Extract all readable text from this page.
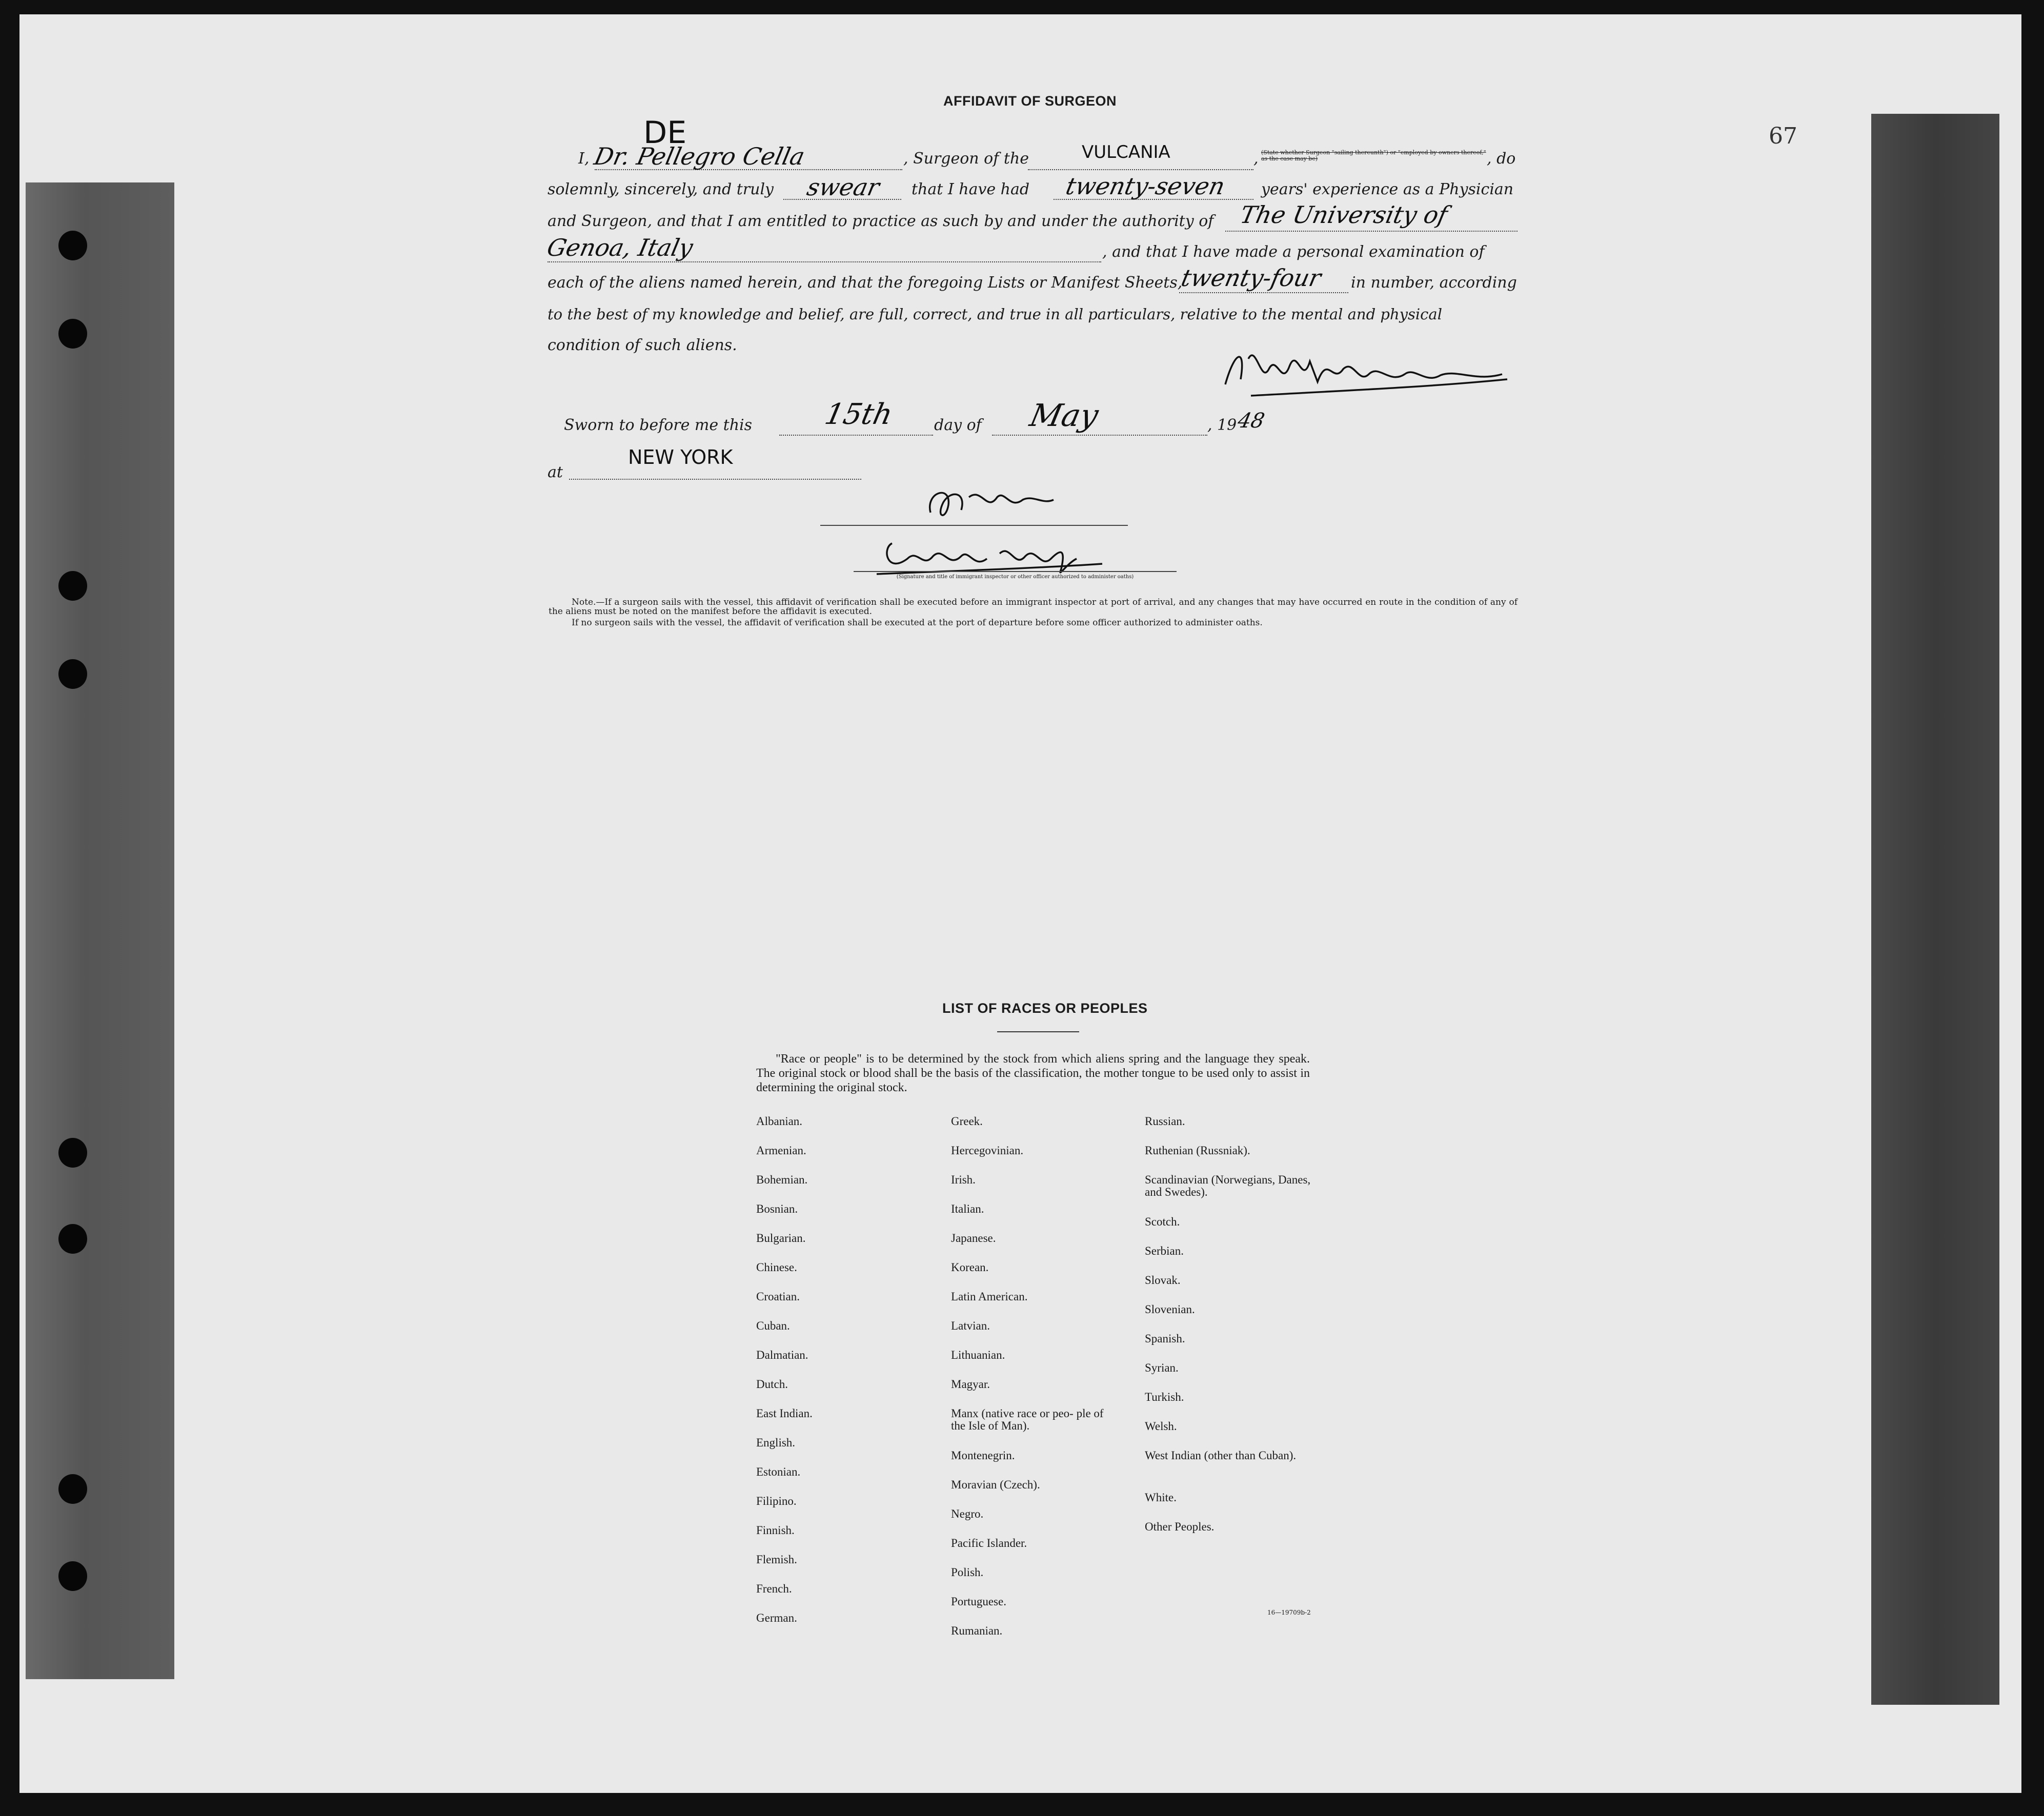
67
AFFIDAVIT OF SURGEON
I,
DE
Dr. Pellegro Cella	, Surgeon of the	VULCANIA	, (State whether Surgeon "sailing thereunth") or "employed by owners thereof," as the case may be)	, do
solemnly, sincerely, and truly swear that I have had twenty-seven years' experience as a Physician
and Surgeon, and that I am entitled to practice as such by and under the authority of The University of
Genoa, Italy	, and that I have made a personal examination of
each of the aliens named herein, and that the foregoing Lists or Manifest Sheets,
twenty-four in number, according
to the best of my knowledge and belief, are full, correct, and true in all particulars, relative to the mental and physical
condition of such aliens.
Sworn to before me this 15th	day of May	, 19
48
at
NEW YORK
(Signature and title of immigrant inspector or other officer authorized to administer oaths)
Note.—If a surgeon sails with the vessel, this affidavit of verification shall be executed before an immigrant inspector at port of arrival, and any changes that may have occurred en route in the condition of any of the aliens must be noted on the manifest before the affidavit is executed.
If no surgeon sails with the vessel, the affidavit of verification shall be executed at the port of departure before some officer authorized to administer oaths.
LIST OF RACES OR PEOPLES
"Race or people" is to be determined by the stock from which aliens spring and the language they speak. The original stock or blood shall be the basis of the classification, the mother tongue to be used only to assist in determining the original stock.
Albanian.
Armenian.
Bohemian.
Bosnian.
Bulgarian.
Chinese.
Croatian.
Cuban.
Dalmatian.
Dutch.
East Indian.
English.
Estonian.
Filipino.
Finnish.
Flemish.
French.
German.
Greek.
Hercegovinian.
Irish.
Italian.
Japanese.
Korean.
Latin American.
Latvian.
Lithuanian.
Magyar.
Manx (native race or peo- ple of the Isle of Man).
Montenegrin.
Moravian (Czech).
Negro.
Pacific Islander.
Polish.
Portuguese.
Rumanian.
Russian.
Ruthenian (Russniak).
Scandinavian (Norwegians, Danes, and Swedes).
Scotch.
Serbian.
Slovak.
Slovenian.
Spanish.
Syrian.
Turkish.
Welsh.
West Indian (other than Cuban).
White.
Other Peoples.
16—19709b-2
